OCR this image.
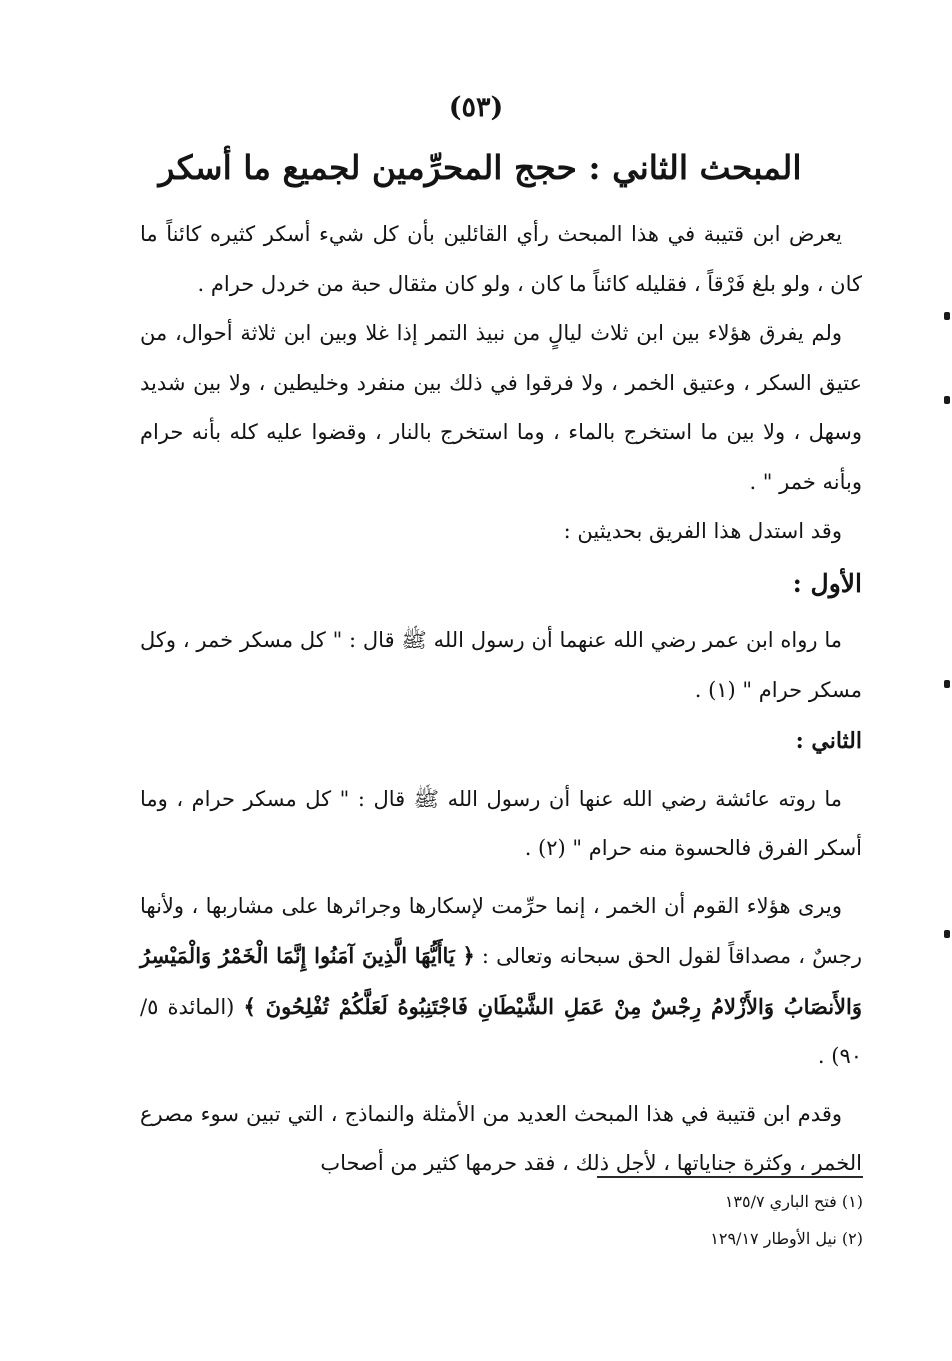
(٥٣)
المبحث الثاني : حجج المحرِّمين لجميع ما أسكر

يعرض ابن قتيبة في هذا المبحث رأي القائلين بأن كل شيء أسكر كثيره كائناً ما كان ، ولو بلغ فَرْقاً ، فقليله كائناً ما كان ، ولو كان مثقال حبة من خردل حرام .

ولم يفرق هؤلاء بين ابن ثلاث ليالٍ من نبيذ التمر إذا غلا وبين ابن ثلاثة أحوال، من عتيق السكر ، وعتيق الخمر ، ولا فرقوا في ذلك بين منفرد وخليطين ، ولا بين شديد وسهل ، ولا بين ما استخرج بالماء ، وما استخرج بالنار ، وقضوا عليه كله بأنه حرام وبأنه خمر " .

وقد استدل هذا الفريق بحديثين :

الأول :

ما رواه ابن عمر رضي الله عنهما أن رسول الله ﷺ قال : " كل مسكر خمر ، وكل مسكر حرام " (١) .

الثاني :

ما روته عائشة رضي الله عنها أن رسول الله ﷺ قال : " كل مسكر حرام ، وما أسكر الفرق فالحسوة منه حرام " (٢) .

ويرى هؤلاء القوم أن الخمر ، إنما حرِّمت لإسكارها وجرائرها على مشاربها ، ولأنها رجسٌ ، مصداقاً لقول الحق سبحانه وتعالى : ﴿ يَاأَيُّهَا الَّذِينَ آمَنُوا إِنَّمَا الْخَمْرُ وَالْمَيْسِرُ وَالأَنصَابُ وَالأَزْلامُ رِجْسٌ مِنْ عَمَلِ الشَّيْطَانِ فَاجْتَنِبُوهُ لَعَلَّكُمْ تُفْلِحُونَ ﴾ (المائدة ٥/ ٩٠) .

وقدم ابن قتيبة في هذا المبحث العديد من الأمثلة والنماذج ، التي تبين سوء مصرع الخمر ، وكثرة جناياتها ، لأجل ذلك ، فقد حرمها كثير من أصحاب

(١) فتح الباري ١٣٥/٧

(٢) نيل الأوطار ١٢٩/١٧
